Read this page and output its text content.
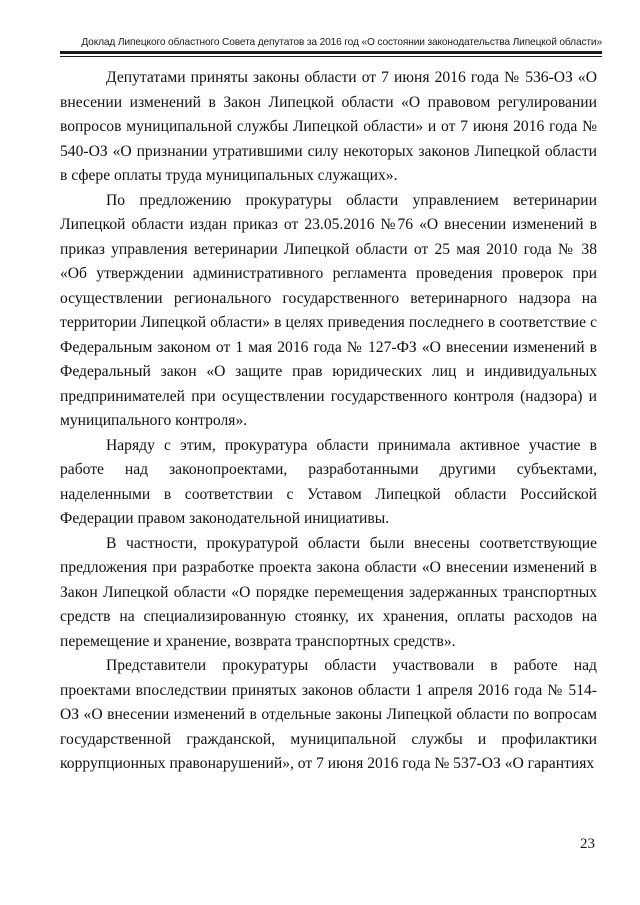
Доклад Липецкого областного Совета депутатов за 2016 год «О состоянии законодательства Липецкой области»

Депутатами приняты законы области от 7 июня 2016 года № 536-ОЗ «О внесении изменений в Закон Липецкой области «О правовом регулировании вопросов муниципальной службы Липецкой области» и от 7 июня 2016 года № 540-ОЗ «О признании утратившими силу некоторых законов Липецкой области в сфере оплаты труда муниципальных служащих».

По предложению прокуратуры области управлением ветеринарии Липецкой области издан приказ от 23.05.2016 №76 «О внесении изменений в приказ управления ветеринарии Липецкой области от 25 мая 2010 года № 38 «Об утверждении административного регламента проведения проверок при осуществлении регионального государственного ветеринарного надзора на территории Липецкой области» в целях приведения последнего в соответствие с Федеральным законом от 1 мая 2016 года № 127-ФЗ «О внесении изменений в Федеральный закон «О защите прав юридических лиц и индивидуальных предпринимателей при осуществлении государственного контроля (надзора) и муниципального контроля».

Наряду с этим, прокуратура области принимала активное участие в работе над законопроектами, разработанными другими субъектами, наделенными в соответствии с Уставом Липецкой области Российской Федерации правом законодательной инициативы.

В частности, прокуратурой области были внесены соответствующие предложения при разработке проекта закона области «О внесении изменений в Закон Липецкой области «О порядке перемещения задержанных транспортных средств на специализированную стоянку, их хранения, оплаты расходов на перемещение и хранение, возврата транспортных средств».

Представители прокуратуры области участвовали в работе над проектами впоследствии принятых законов области 1 апреля 2016 года № 514-ОЗ «О внесении изменений в отдельные законы Липецкой области по вопросам государственной гражданской, муниципальной службы и профилактики коррупционных правонарушений», от 7 июня 2016 года № 537-ОЗ «О гарантиях

23
